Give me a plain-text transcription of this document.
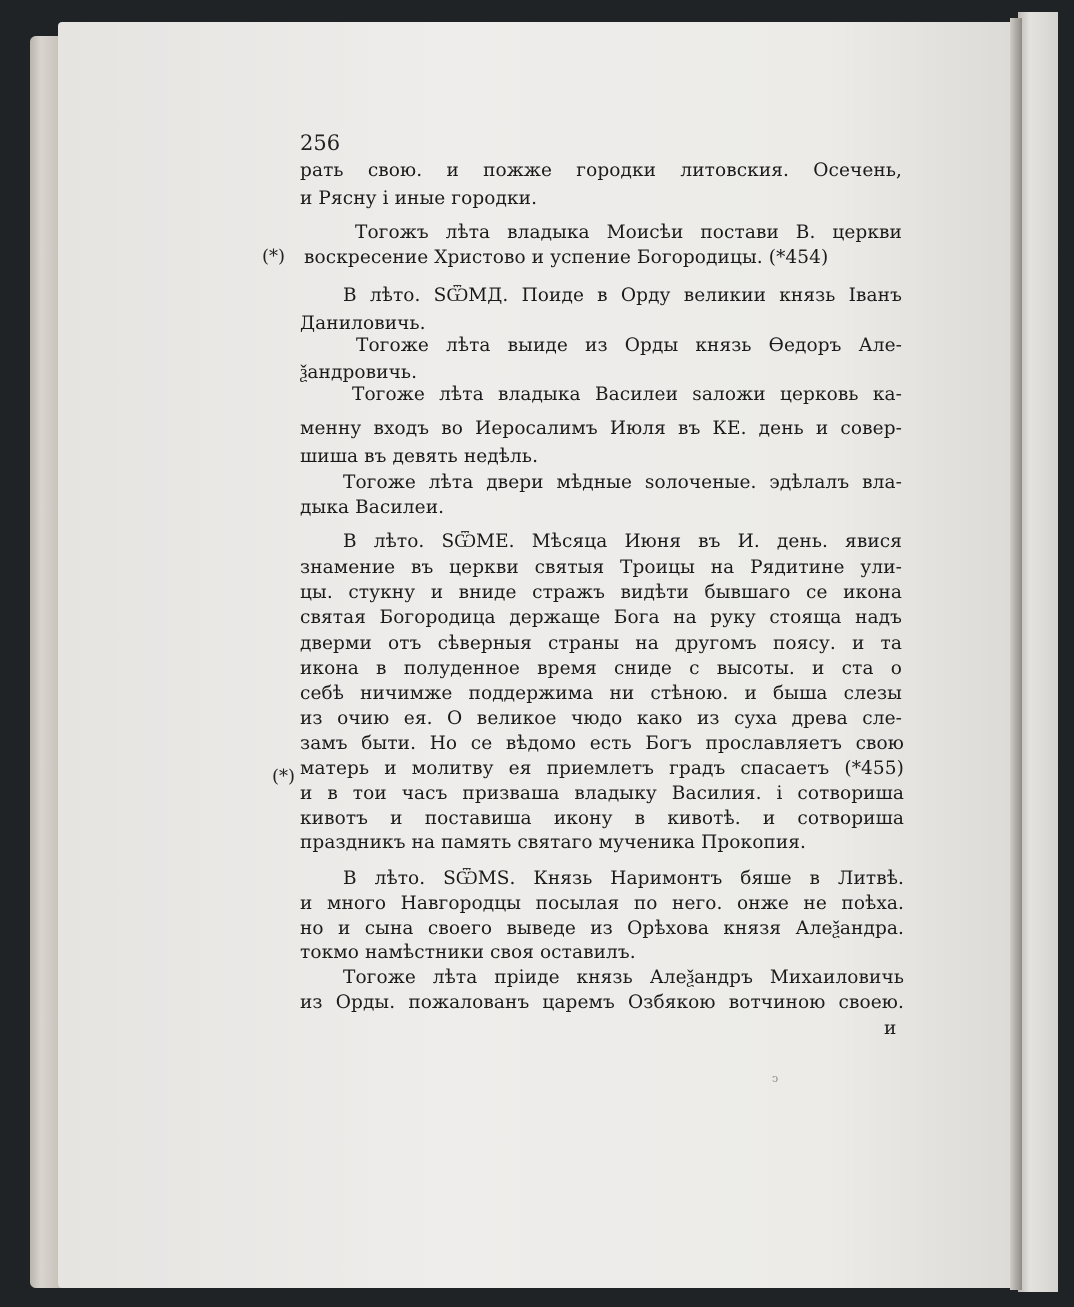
256
(*)
(*)
рать свою. и пожже городки литовския. Осечень,
и Рясну і иные городки.
Тогожъ лѣта владыка Моисѣи постави В. церкви
воскресение Христово и успение Богородицы. (*454)
В лѣто. ЅѾМД. Поиде в Орду великии князь Іванъ
Даниловичь.
Тогоже лѣта выиде из Орды князь Ѳедоръ Але-
ѯандровичь.
Тогоже лѣта владыка Василеи ѕаложи церковь ка-
менну входъ во Иеросалимъ Июля въ КЕ. день и совер-
шиша въ девять недѣль.
Тогоже лѣта двери мѣдные ѕолоченые. эдѣлалъ вла-
дыка Василеи.
В лѣто. ЅѾМЕ. Мѣсяца Июня въ И. день. явися
знамение въ церкви святыя Троицы на Рядитине ули-
цы. стукну и вниде стражъ видѣти бывшаго се икона
святая Богородица держаще Бога на руку стояща надъ
дверми отъ сѣверныя страны на другомъ поясу. и та
икона в полуденное время сниде с высоты. и ста о
себѣ ничимже поддержима ни стѣною. и быша слезы
из очию ея. О великое чюдо како из суха древа сле-
замъ быти. Но се вѣдомо есть Богъ прославляетъ свою
матерь и молитву ея приемлетъ градъ спасаетъ (*455)
и в тои часъ призваша владыку Василия. і сотвориша
кивотъ и поставиша икону в кивотѣ. и сотвориша
праздникъ на память святаго мученика Прокопия.
В лѣто. ЅѾМЅ. Князь Наримонтъ бяше в Литвѣ.
и много Навгородцы посылая по него. онже не поѣха.
но и сына своего выведе из Орѣхова князя Алеѯандра.
токмо намѣстники своя оставилъ.
Тогоже лѣта пріиде князь Алеѯандръ Михаиловичь
из Орды. пожалованъ царемъ Озбякою вотчиною своею.
и
ↄ
